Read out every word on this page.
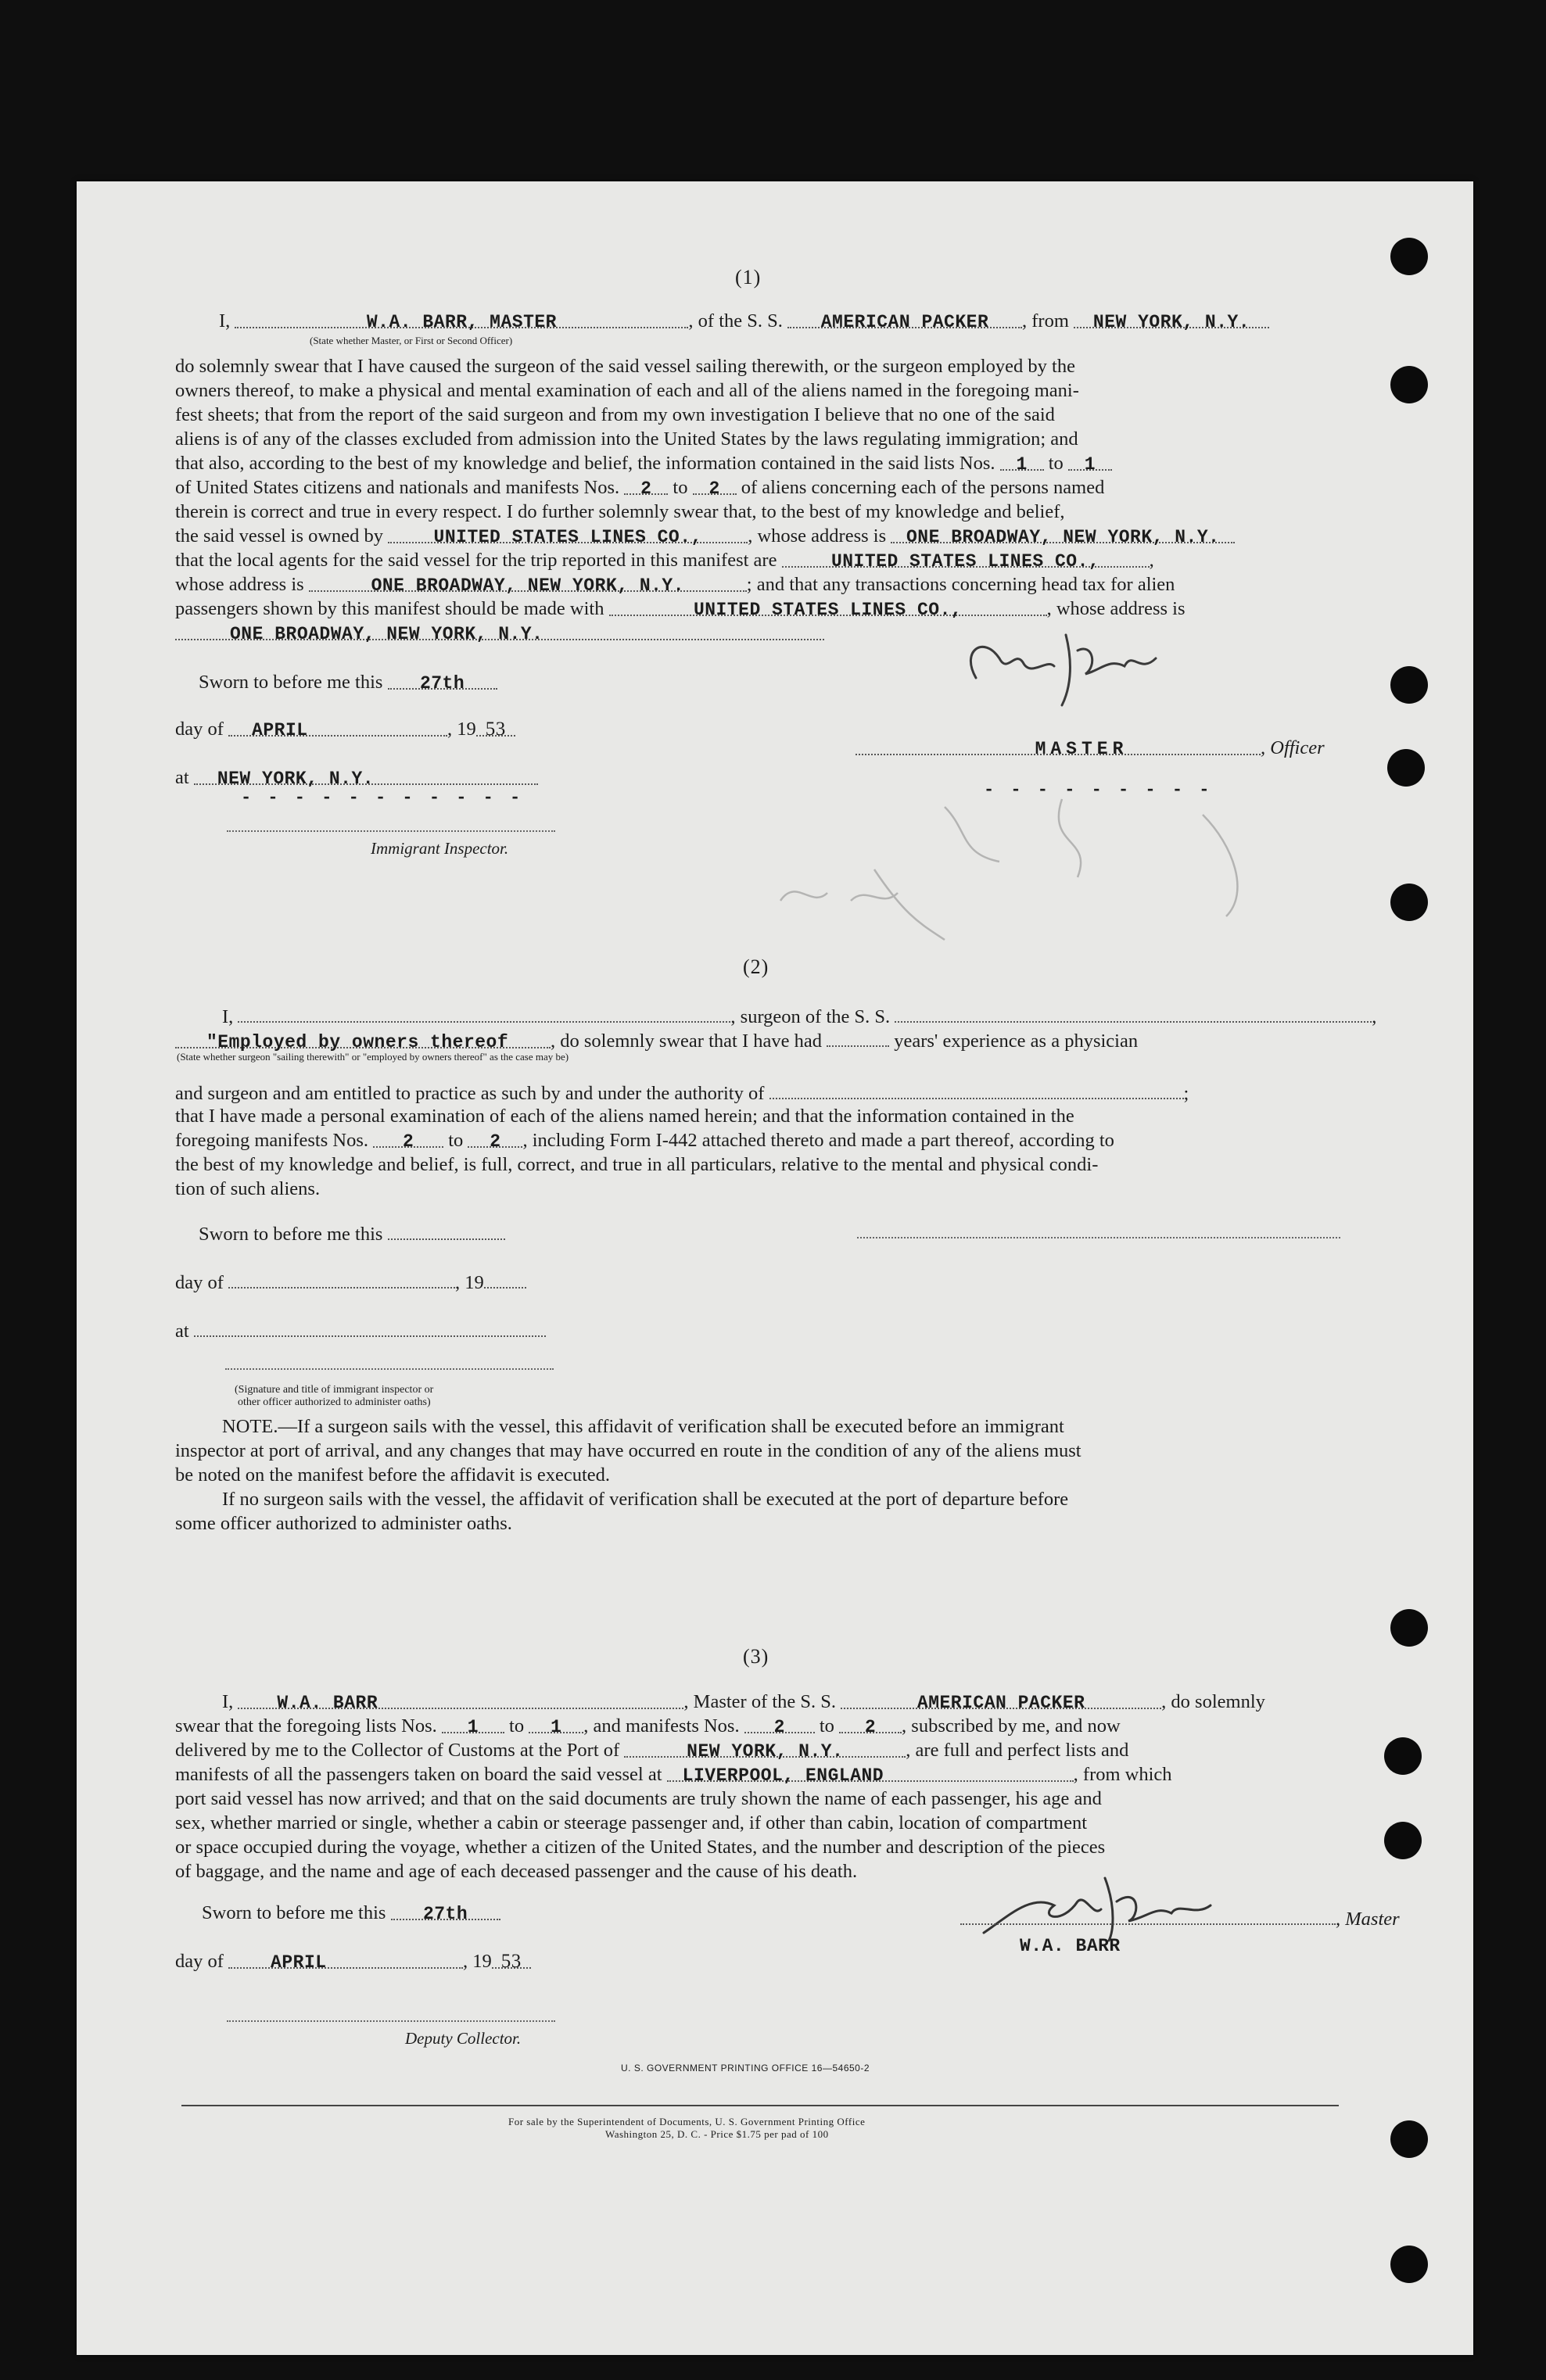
(1)
I,	W.A. BARR, MASTER	, of the S. S. AMERICAN PACKER , from NEW YORK, N.Y.
(State whether Master, or First or Second Officer)
do solemnly swear that I have caused the surgeon of the said vessel sailing therewith, or the surgeon employed by the
owners thereof, to make a physical and mental examination of each and all of the aliens named in the foregoing mani-
fest sheets; that from the report of the said surgeon and from my own investigation I believe that no one of the said
aliens is of any of the classes excluded from admission into the United States by the laws regulating immigration; and
that also, according to the best of my knowledge and belief, the information contained in the said lists Nos. 1 to 1
of United States citizens and nationals and manifests Nos. 2 to 2 of aliens concerning each of the persons named
therein is correct and true in every respect. I do further solemnly swear that, to the best of my knowledge and belief,
the said vessel is owned by	UNITED STATES LINES CO., , whose address is ONE BROADWAY, NEW YORK, N.Y.
that the local agents for the said vessel for the trip reported in this manifest are	UNITED STATES LINES CO.,	,
whose address is	ONE BROADWAY, NEW YORK, N.Y.	; and that any transactions concerning head tax for alien
passengers shown by this manifest should be made with	UNITED STATES LINES CO.,	, whose address is
ONE BROADWAY, NEW YORK, N.Y.
Sworn to before me this 27th
day of APRIL	, 19 53
at NEW YORK, N.Y.
- - - - - - - - - - -
Immigrant Inspector.
MASTER	, Officer
- - - - - - - - -
(2)
I,	, surgeon of the S. S.	,
"Employed by owners thereof , do solemnly swear that I have had	years' experience as a physician
(State whether surgeon "sailing therewith" or "employed by owners thereof" as the case may be)
and surgeon and am entitled to practice as such by and under the authority of	;
that I have made a personal examination of each of the aliens named herein; and that the information contained in the
foregoing manifests Nos. 2 to 2 , including Form I-442 attached thereto and made a part thereof, according to
the best of my knowledge and belief, is full, correct, and true in all particulars, relative to the mental and physical condi-
tion of such aliens.
Sworn to before me this
day of	, 19
at
(Signature and title of immigrant inspector or
other officer authorized to administer oaths)
NOTE.—If a surgeon sails with the vessel, this affidavit of verification shall be executed before an immigrant
inspector at port of arrival, and any changes that may have occurred en route in the condition of any of the aliens must
be noted on the manifest before the affidavit is executed.
If no surgeon sails with the vessel, the affidavit of verification shall be executed at the port of departure before
some officer authorized to administer oaths.
(3)
I, W.A. BARR	, Master of the S. S.	AMERICAN PACKER	, do solemnly
swear that the foregoing lists Nos. 1 to 1 , and manifests Nos. 2 to 2 , subscribed by me, and now
delivered by me to the Collector of Customs at the Port of	NEW YORK, N.Y.	, are full and perfect lists and
manifests of all the passengers taken on board the said vessel at LIVERPOOL, ENGLAND	, from which
port said vessel has now arrived; and that on the said documents are truly shown the name of each passenger, his age and
sex, whether married or single, whether a cabin or steerage passenger and, if other than cabin, location of compartment
or space occupied during the voyage, whether a citizen of the United States, and the number and description of the pieces
of baggage, and the name and age of each deceased passenger and the cause of his death.
Sworn to before me this 27th
day of	APRIL	, 19 53
Deputy Collector.
, Master
W.A. BARR
U. S. GOVERNMENT PRINTING OFFICE 16—54650-2
For sale by the Superintendent of Documents, U. S. Government Printing Office
Washington 25, D. C. - Price $1.75 per pad of 100
